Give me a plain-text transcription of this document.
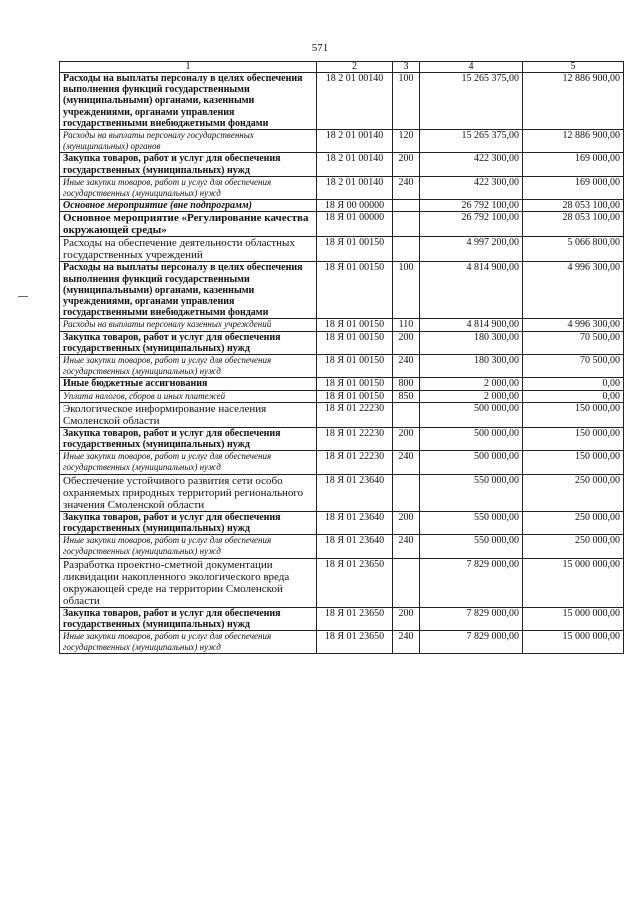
571
1	2	3	4	5
Расходы на выплаты персоналу в целях обеспечения выполнения функций государственными (муниципальными) органами, казенными учреждениями, органами управления государственными внебюджетными фондами	18 2 01 00140	100	15 265 375,00	12 886 900,00
Расходы на выплаты персоналу государственных (муниципальных) органов	18 2 01 00140	120	15 265 375,00	12 886 900,00
Закупка товаров, работ и услуг для обеспечения государственных (муниципальных) нужд	18 2 01 00140	200	422 300,00	169 000,00
Иные закупки товаров, работ и услуг для обеспечения государственных (муниципальных) нужд	18 2 01 00140	240	422 300,00	169 000,00
Основное мероприятие (вне подпрограмм)	18 Я 00 00000		26 792 100,00	28 053 100,00
Основное мероприятие «Регулирование качества окружающей среды»	18 Я 01 00000		26 792 100,00	28 053 100,00
Расходы на обеспечение деятельности областных государственных учреждений	18 Я 01 00150		4 997 200,00	5 066 800,00
Расходы на выплаты персоналу в целях обеспечения выполнения функций государственными (муниципальными) органами, казенными учреждениями, органами управления государственными внебюджетными фондами	18 Я 01 00150	100	4 814 900,00	4 996 300,00
Расходы на выплаты персоналу казенных учреждений	18 Я 01 00150	110	4 814 900,00	4 996 300,00
Закупка товаров, работ и услуг для обеспечения государственных (муниципальных) нужд	18 Я 01 00150	200	180 300,00	70 500,00
Иные закупки товаров, работ и услуг для обеспечения государственных (муниципальных) нужд	18 Я 01 00150	240	180 300,00	70 500,00
Иные бюджетные ассигнования	18 Я 01 00150	800	2 000,00	0,00
Уплата налогов, сборов и иных платежей	18 Я 01 00150	850	2 000,00	0,00
Экологическое информирование населения Смоленской области	18 Я 01 22230		500 000,00	150 000,00
Закупка товаров, работ и услуг для обеспечения государственных (муниципальных) нужд	18 Я 01 22230	200	500 000,00	150 000,00
Иные закупки товаров, работ и услуг для обеспечения государственных (муниципальных) нужд	18 Я 01 22230	240	500 000,00	150 000,00
Обеспечение устойчивого развития сети особо охраняемых природных территорий регионального значения Смоленской области	18 Я 01 23640		550 000,00	250 000,00
Закупка товаров, работ и услуг для обеспечения государственных (муниципальных) нужд	18 Я 01 23640	200	550 000,00	250 000,00
Иные закупки товаров, работ и услуг для обеспечения государственных (муниципальных) нужд	18 Я 01 23640	240	550 000,00	250 000,00
Разработка проектно-сметной документации ликвидации накопленного экологического вреда окружающей среде на территории Смоленской области	18 Я 01 23650		7 829 000,00	15 000 000,00
Закупка товаров, работ и услуг для обеспечения государственных (муниципальных) нужд	18 Я 01 23650	200	7 829 000,00	15 000 000,00
Иные закупки товаров, работ и услуг для обеспечения государственных (муниципальных) нужд	18 Я 01 23650	240	7 829 000,00	15 000 000,00
